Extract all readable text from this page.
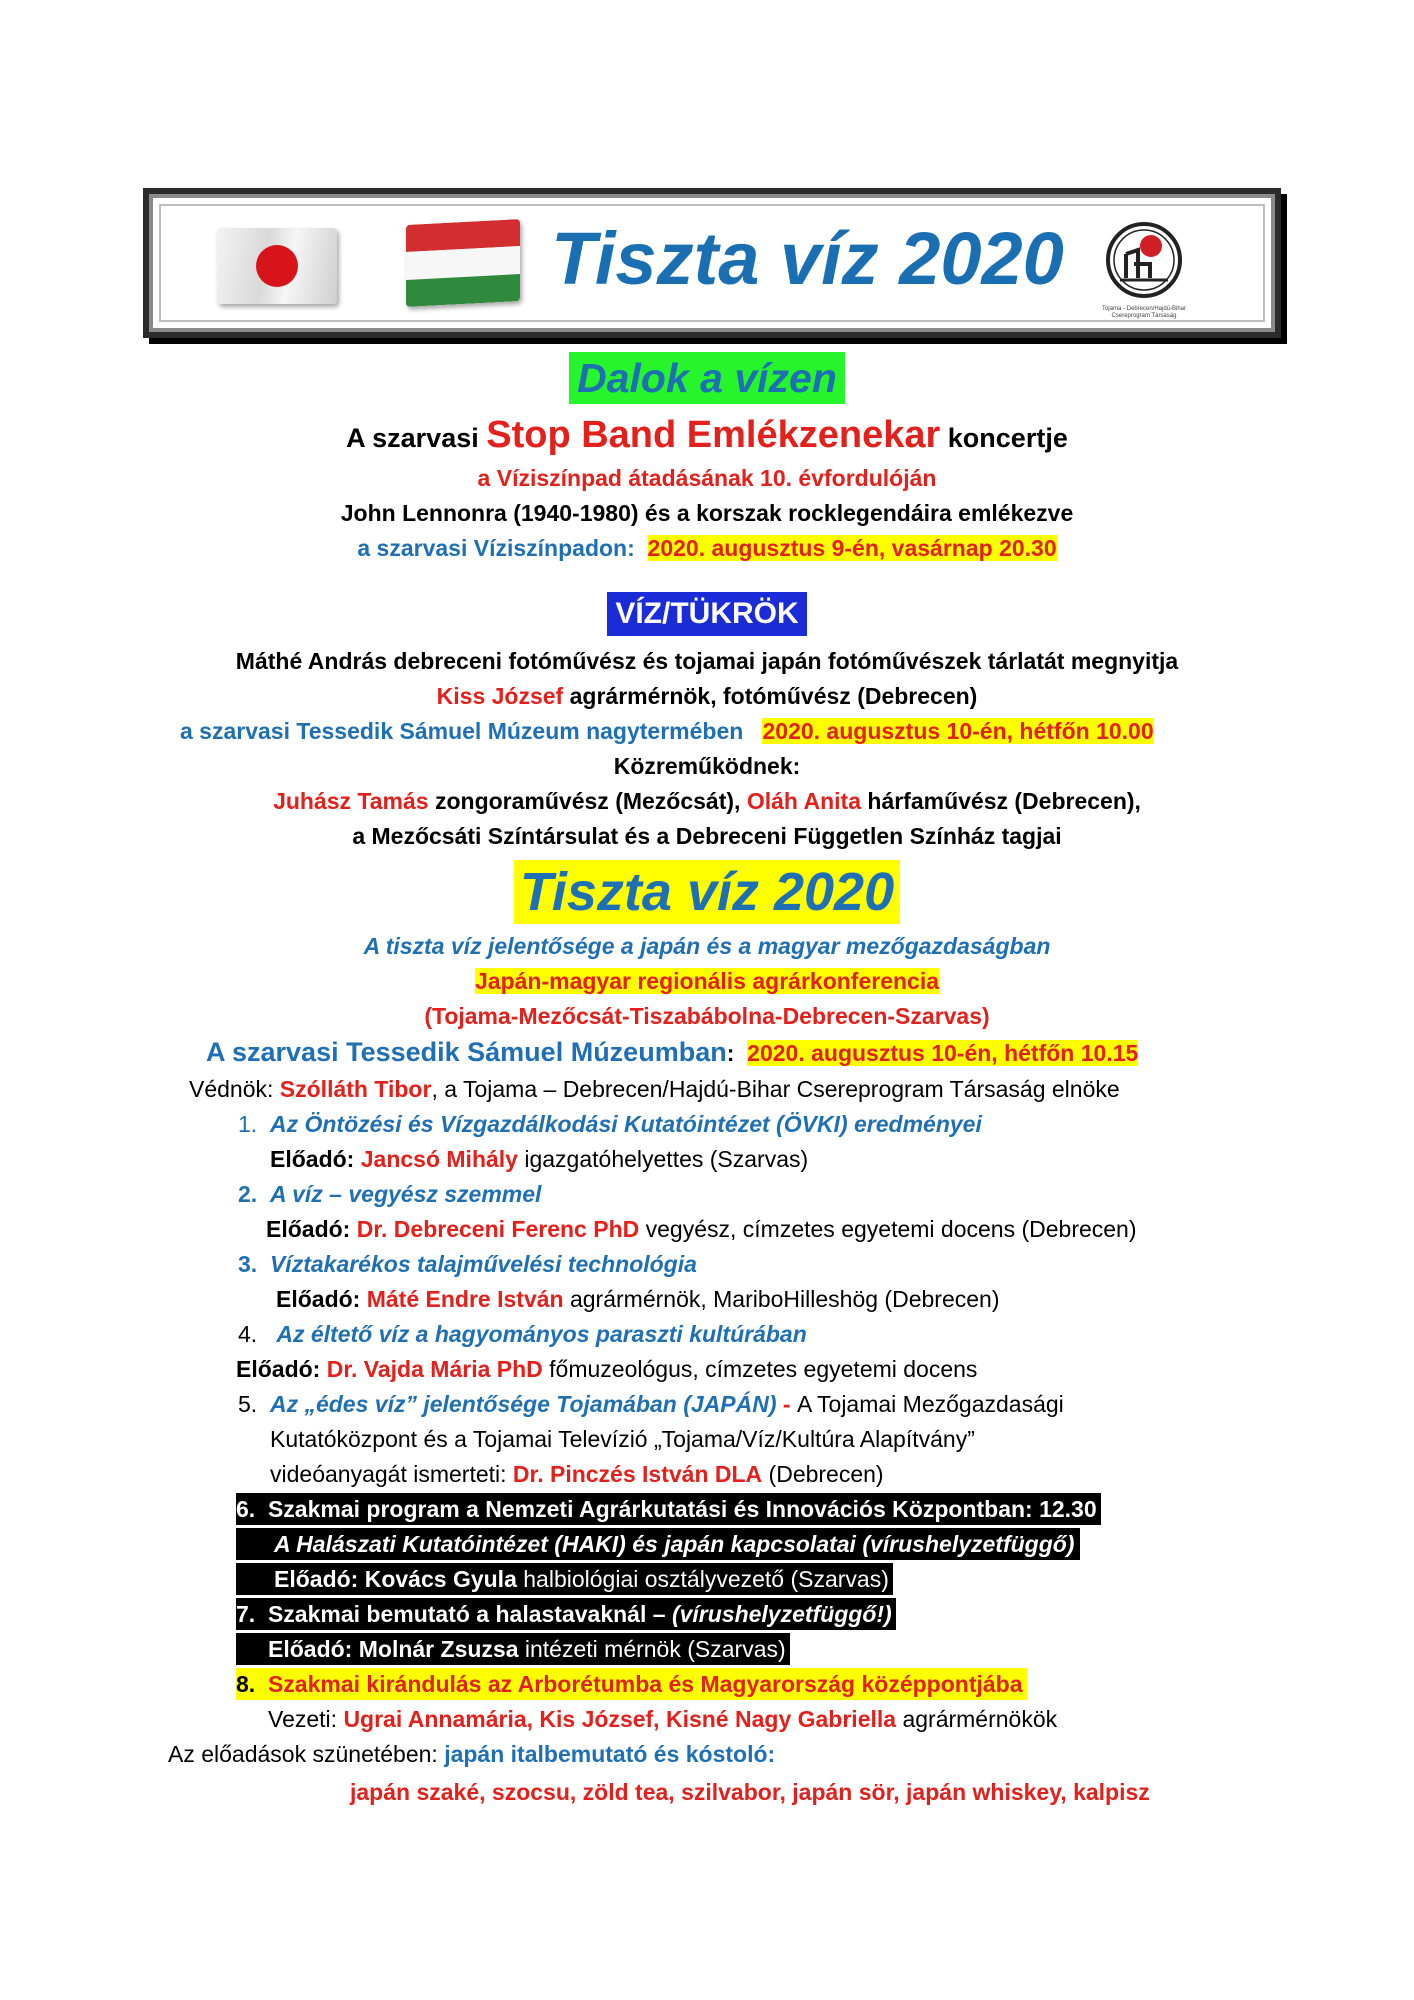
Tiszta víz 2020
Tojama - Debrecen/Hajdú-Bihar Csereprogram Társaság
Dalok a vízen
A szarvasi Stop Band Emlékzenekar koncertje
a Víziszínpad átadásának 10. évfordulóján
John Lennonra (1940-1980) és a korszak rocklegendáira emlékezve
a szarvasi Víziszínpadon: 2020. augusztus 9-én, vasárnap 20.30
VÍZ/TÜKRÖK
Máthé András debreceni fotóművész és tojamai japán fotóművészek tárlatát megnyitja
Kiss József agrármérnök, fotóművész (Debrecen)
a szarvasi Tessedik Sámuel Múzeum nagytermében 2020. augusztus 10-én, hétfőn 10.00
Közreműködnek:
Juhász Tamás zongoraművész (Mezőcsát), Oláh Anita hárfaművész (Debrecen),
a Mezőcsáti Színtársulat és a Debreceni Független Színház tagjai
Tiszta víz 2020
A tiszta víz jelentősége a japán és a magyar mezőgazdaságban
Japán-magyar regionális agrárkonferencia
(Tojama-Mezőcsát-Tiszabábolna-Debrecen-Szarvas)
A szarvasi Tessedik Sámuel Múzeumban: 2020. augusztus 10-én, hétfőn 10.15
Védnök: Szólláth Tibor, a Tojama – Debrecen/Hajdú-Bihar Csereprogram Társaság elnöke
1. Az Öntözési és Vízgazdálkodási Kutatóintézet (ÖVKI) eredményei
Előadó: Jancsó Mihály igazgatóhelyettes (Szarvas)
2. A víz – vegyész szemmel
Előadó: Dr. Debreceni Ferenc PhD vegyész, címzetes egyetemi docens (Debrecen)
3. Víztakarékos talajművelési technológia
Előadó: Máté Endre István agrármérnök, MariboHilleshög (Debrecen)
4. Az éltető víz a hagyományos paraszti kultúrában
Előadó: Dr. Vajda Mária PhD főmuzeológus, címzetes egyetemi docens
5. Az „édes víz” jelentősége Tojamában (JAPÁN) - A Tojamai Mezőgazdasági
Kutatóközpont és a Tojamai Televízió „Tojama/Víz/Kultúra Alapítvány”
videóanyagát ismerteti: Dr. Pinczés István DLA (Debrecen)
6. Szakmai program a Nemzeti Agrárkutatási és Innovációs Központban: 12.30
A Halászati Kutatóintézet (HAKI) és japán kapcsolatai (vírushelyzetfüggő)
Előadó: Kovács Gyula halbiológiai osztályvezető (Szarvas)
7. Szakmai bemutató a halastavaknál – (vírushelyzetfüggő!)
Előadó: Molnár Zsuzsa intézeti mérnök (Szarvas)
8. Szakmai kirándulás az Arborétumba és Magyarország középpontjába
Vezeti: Ugrai Annamária, Kis József, Kisné Nagy Gabriella agrármérnökök
Az előadások szünetében: japán italbemutató és kóstoló:
japán szaké, szocsu, zöld tea, szilvabor, japán sör, japán whiskey, kalpisz
